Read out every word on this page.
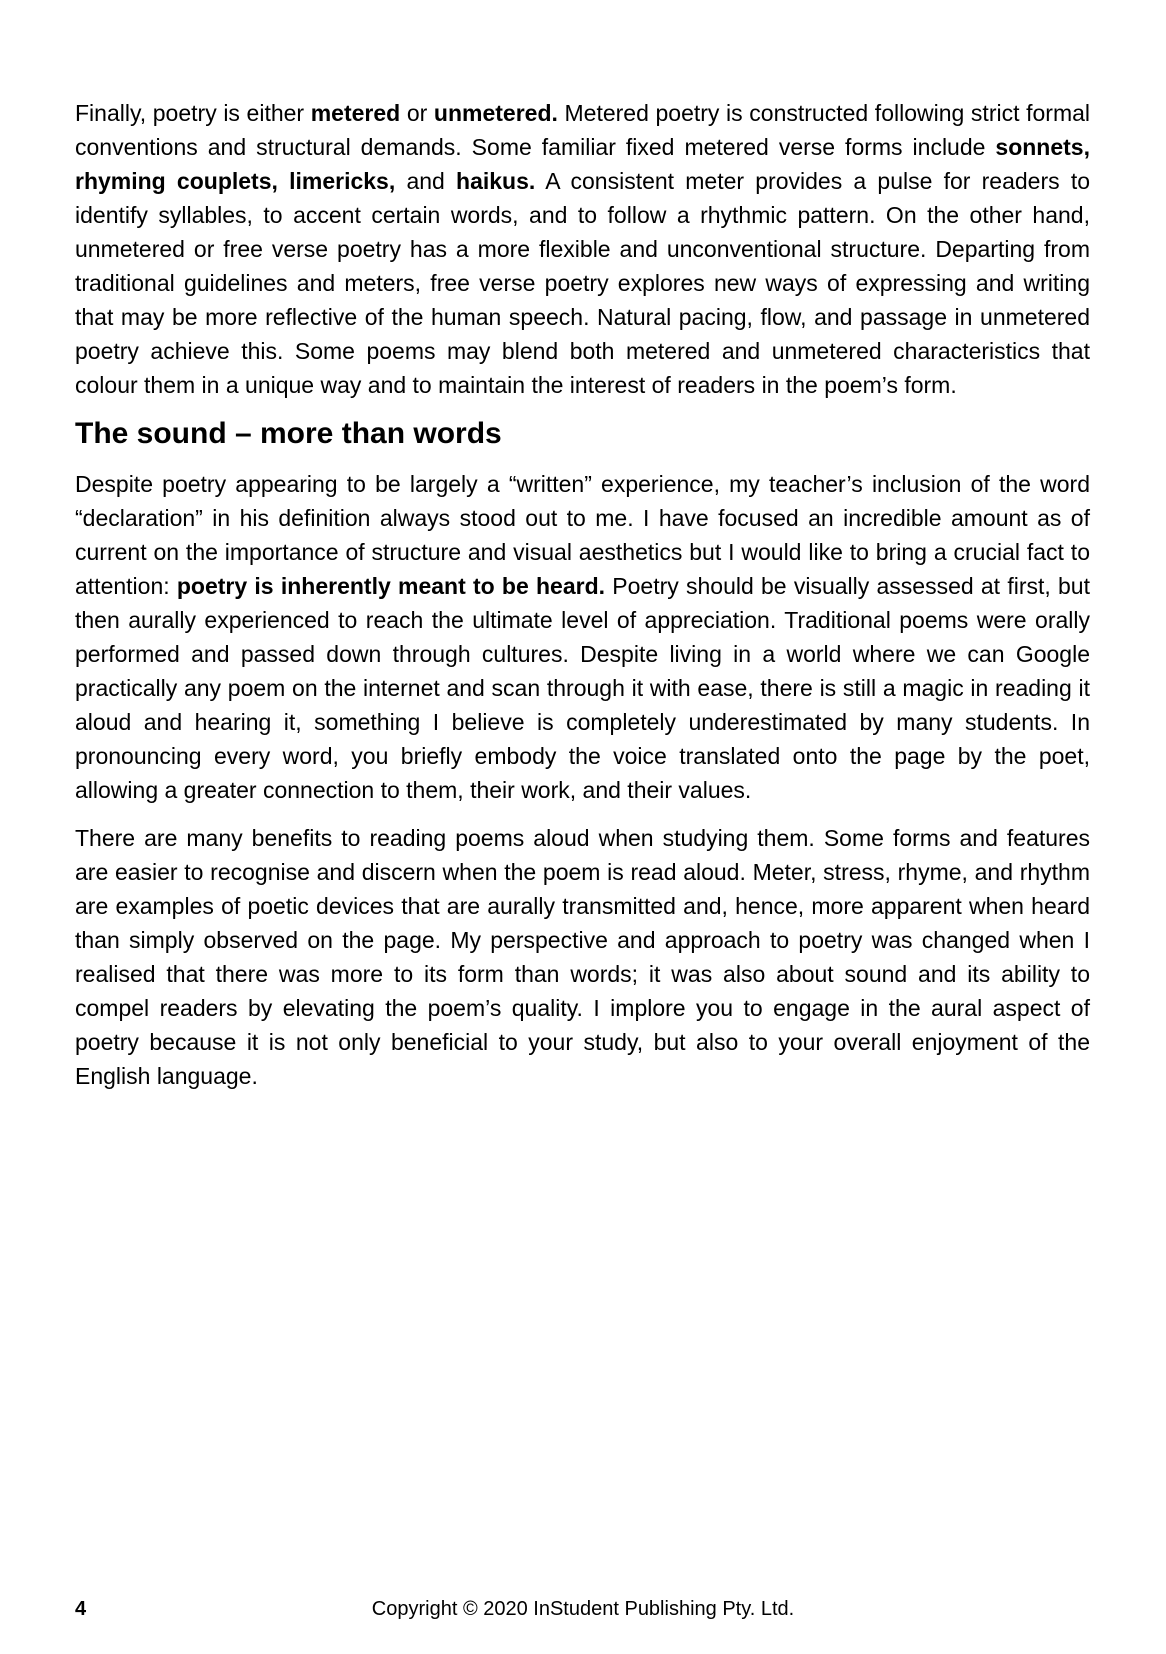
Finally, poetry is either metered or unmetered. Metered poetry is constructed following strict formal conventions and structural demands. Some familiar fixed metered verse forms include sonnets, rhyming couplets, limericks, and haikus. A consistent meter provides a pulse for readers to identify syllables, to accent certain words, and to follow a rhythmic pattern. On the other hand, unmetered or free verse poetry has a more flexible and unconventional structure. Departing from traditional guidelines and meters, free verse poetry explores new ways of expressing and writing that may be more reflective of the human speech. Natural pacing, flow, and passage in unmetered poetry achieve this. Some poems may blend both metered and unmetered characteristics that colour them in a unique way and to maintain the interest of readers in the poem’s form.

The sound – more than words

Despite poetry appearing to be largely a “written” experience, my teacher’s inclusion of the word “declaration” in his definition always stood out to me. I have focused an incredible amount as of current on the importance of structure and visual aesthetics but I would like to bring a crucial fact to attention: poetry is inherently meant to be heard. Poetry should be visually assessed at first, but then aurally experienced to reach the ultimate level of appreciation. Traditional poems were orally performed and passed down through cultures. Despite living in a world where we can Google practically any poem on the internet and scan through it with ease, there is still a magic in reading it aloud and hearing it, something I believe is completely underestimated by many students. In pronouncing every word, you briefly embody the voice translated onto the page by the poet, allowing a greater connection to them, their work, and their values.

There are many benefits to reading poems aloud when studying them. Some forms and features are easier to recognise and discern when the poem is read aloud. Meter, stress, rhyme, and rhythm are examples of poetic devices that are aurally transmitted and, hence, more apparent when heard than simply observed on the page. My perspective and approach to poetry was changed when I realised that there was more to its form than words; it was also about sound and its ability to compel readers by elevating the poem’s quality. I implore you to engage in the aural aspect of poetry because it is not only beneficial to your study, but also to your overall enjoyment of the English language.

4	Copyright © 2020 InStudent Publishing Pty. Ltd.
